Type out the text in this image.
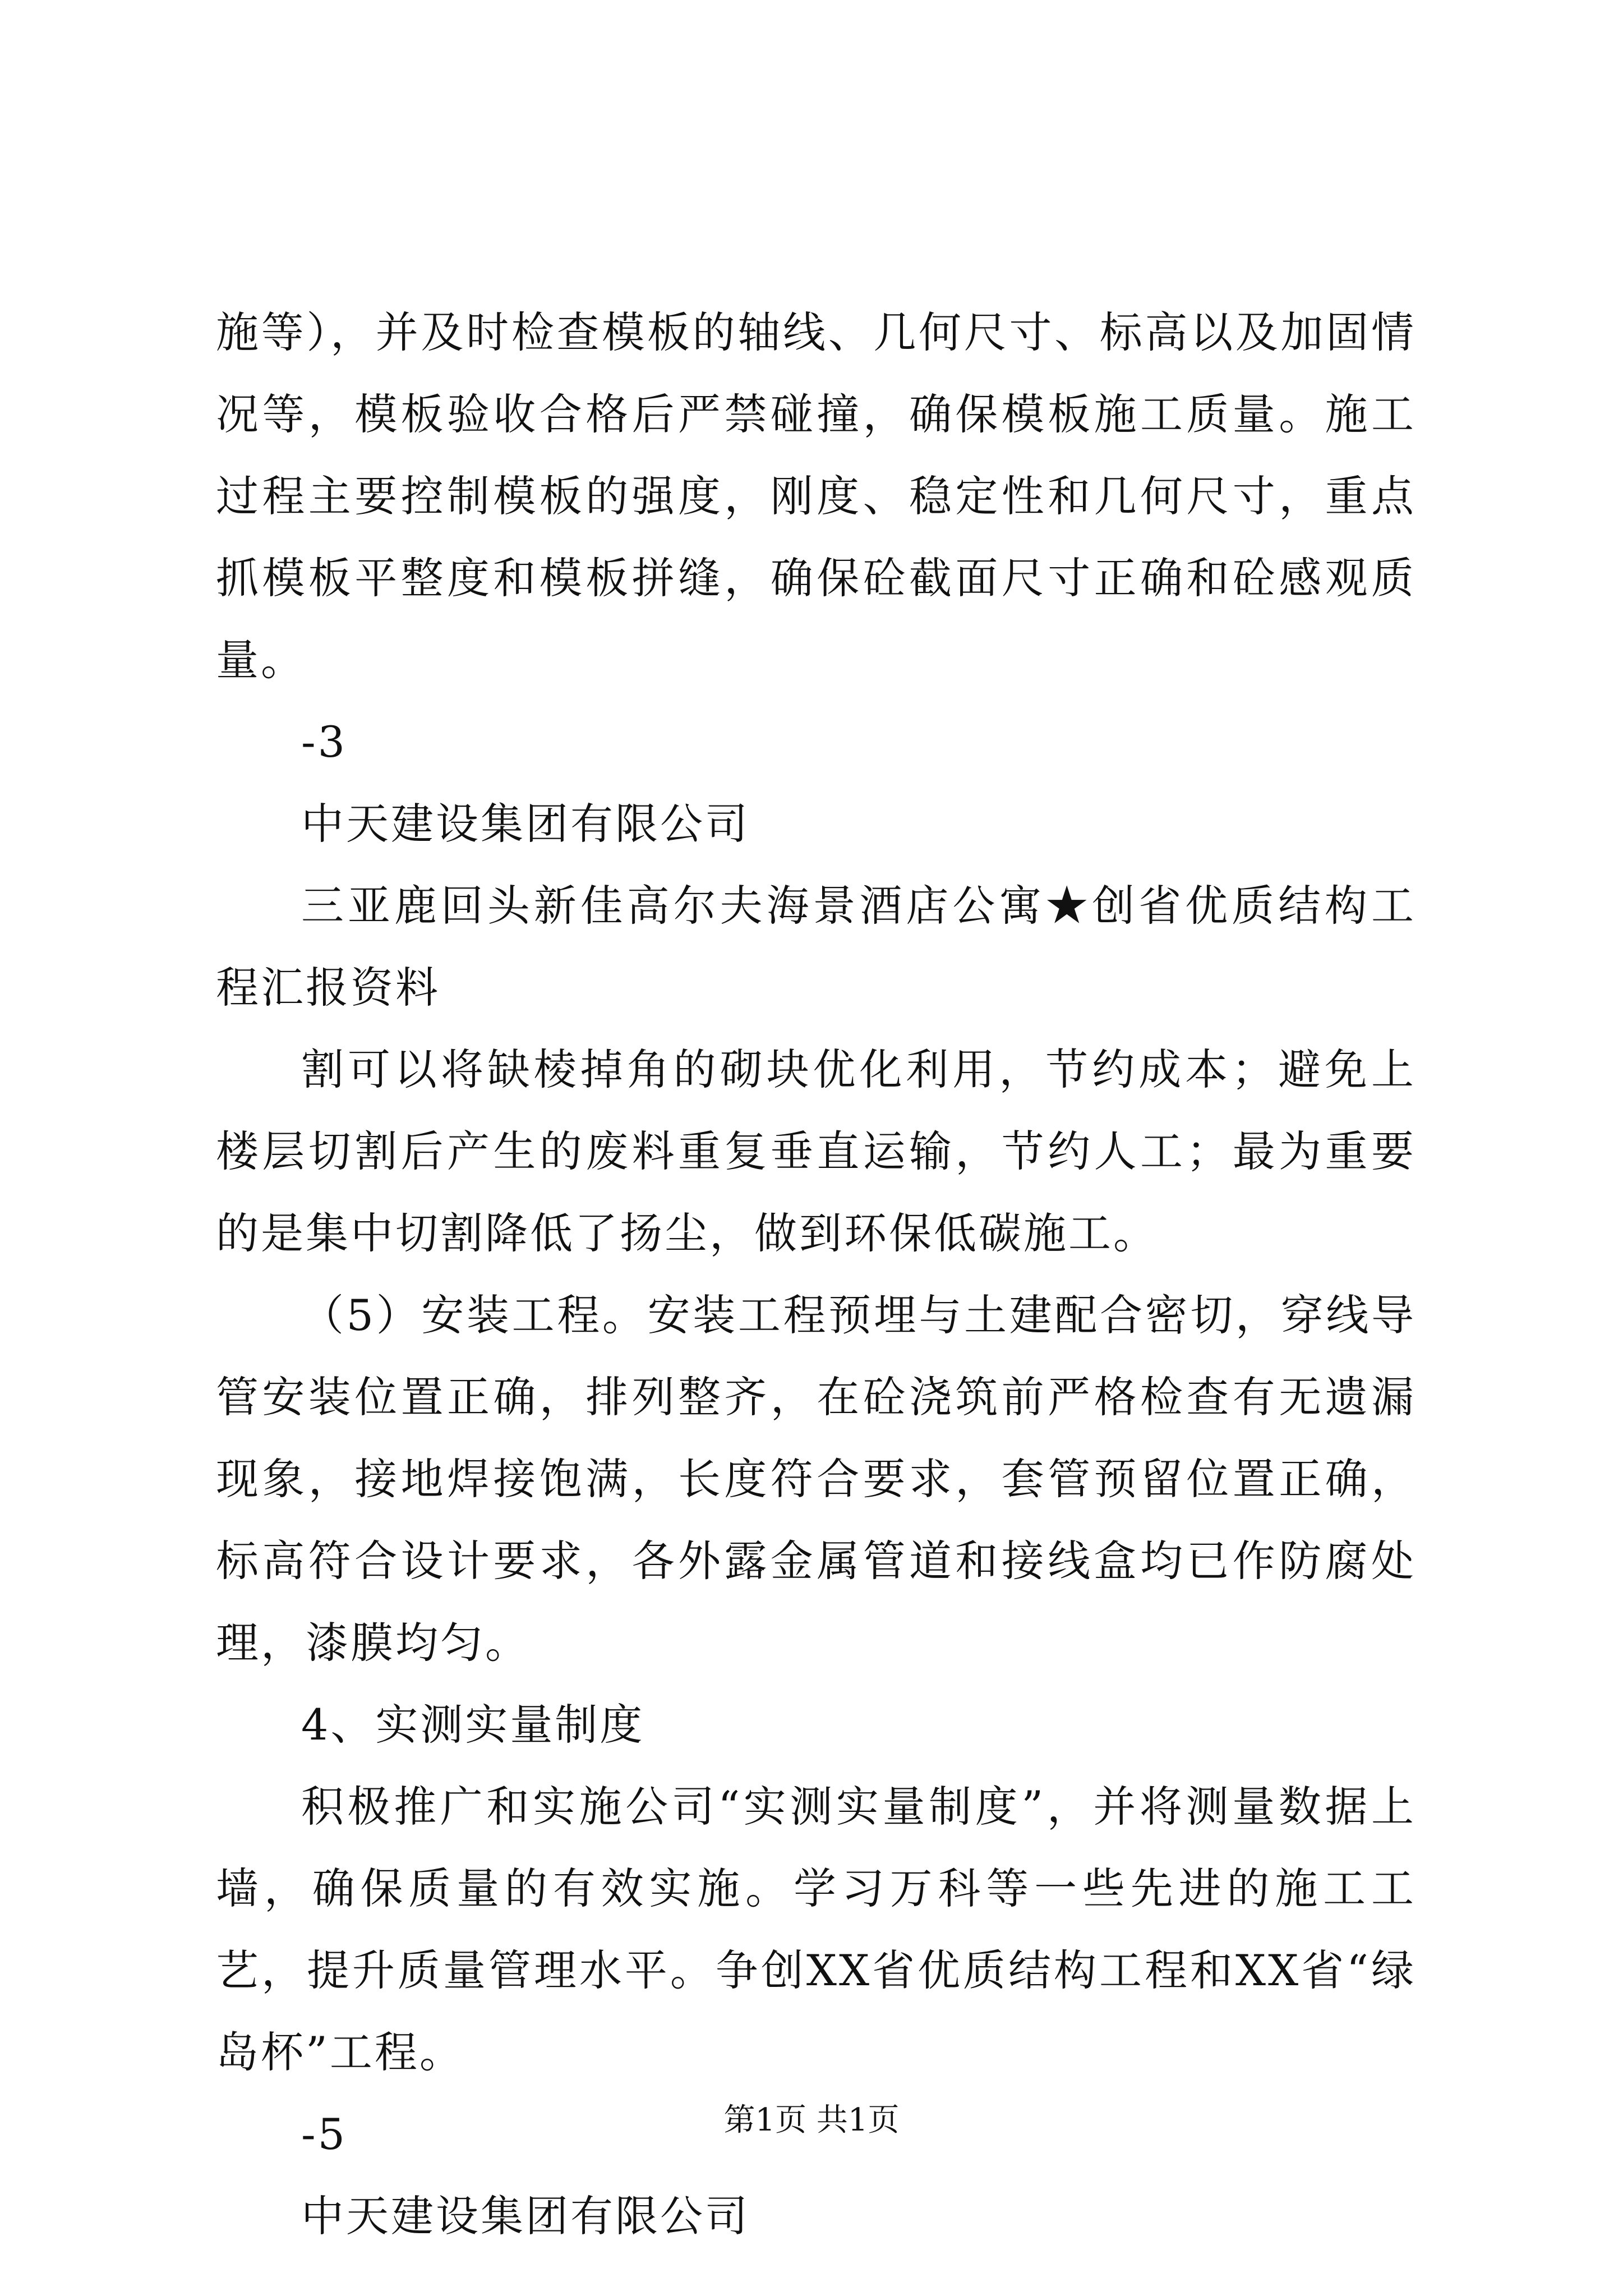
施等），并及时检查模板的轴线、几何尺寸、标高以及加固情况等，模板验收合格后严禁碰撞，确保模板施工质量。施工过程主要控制模板的强度，刚度、稳定性和几何尺寸，重点抓模板平整度和模板拼缝，确保砼截面尺寸正确和砼感观质量。

-3

中天建设集团有限公司

三亚鹿回头新佳高尔夫海景酒店公寓★创省优质结构工程汇报资料

割可以将缺棱掉角的砌块优化利用，节约成本；避免上楼层切割后产生的废料重复垂直运输，节约人工；最为重要的是集中切割降低了扬尘，做到环保低碳施工。

（5）安装工程。安装工程预埋与土建配合密切，穿线导管安装位置正确，排列整齐，在砼浇筑前严格检查有无遗漏现象，接地焊接饱满，长度符合要求，套管预留位置正确，标高符合设计要求，各外露金属管道和接线盒均已作防腐处理，漆膜均匀。

4、实测实量制度

积极推广和实施公司“实测实量制度”，并将测量数据上墙，确保质量的有效实施。学习万科等一些先进的施工工艺，提升质量管理水平。争创XX省优质结构工程和XX省“绿岛杯”工程。

-5

中天建设集团有限公司

第1页 共1页
